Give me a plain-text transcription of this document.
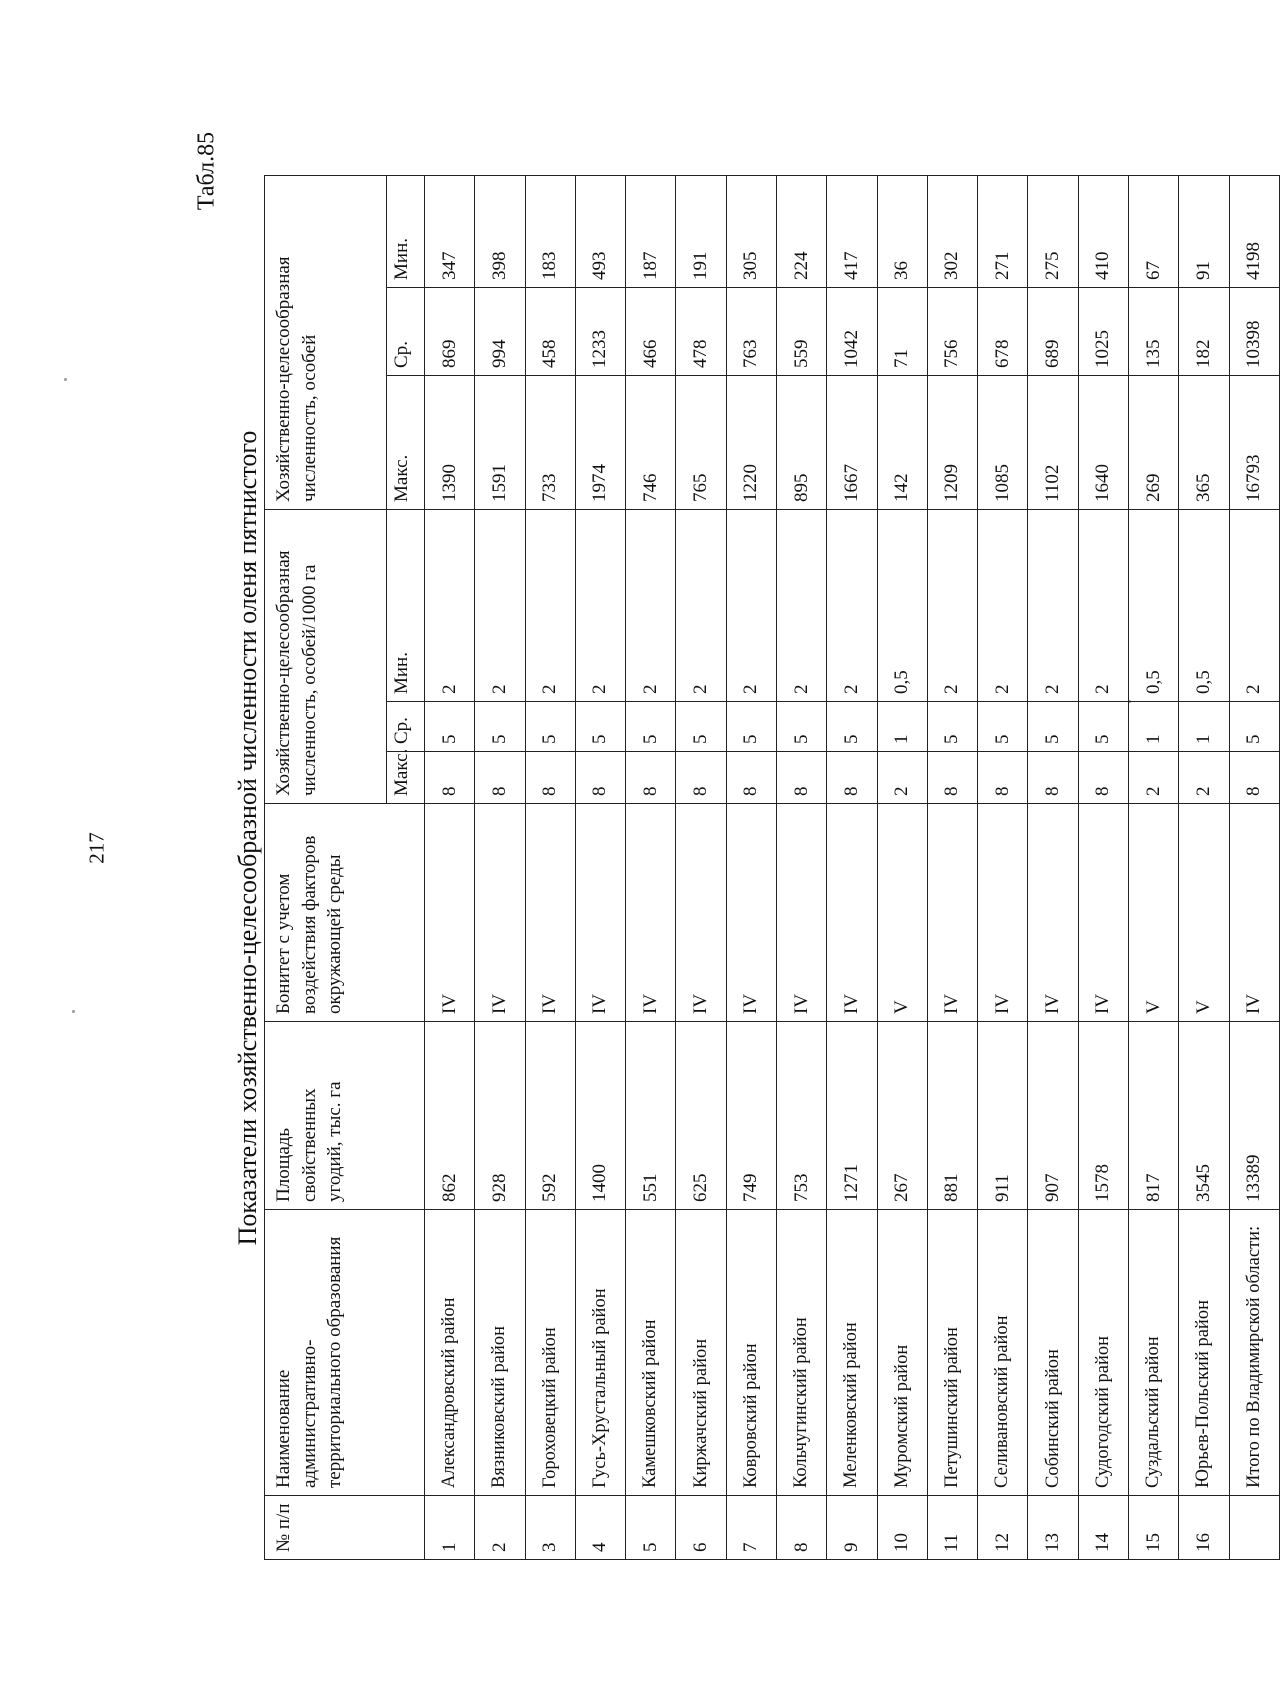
217
Табл.85
Показатели хозяйственно-целесообразной численности оленя пятнистого
№ п/п	Наименование административно-территориального образования	Площадь свойственных угодий, тыс. га	Бонитет с учетом воздействия факторов окружающей среды	Хозяйственно-целесообразная численность, особей/1000 га			Хозяйственно-целесообразная численность, особей		
				Макс.	Ср.	Мин.	Макс.	Ср.	Мин.
1	Александровский район	862	IV	8	5	2	1390	869	347
2	Вязниковский район	928	IV	8	5	2	1591	994	398
3	Гороховецкий район	592	IV	8	5	2	733	458	183
4	Гусь-Хрустальный район	1400	IV	8	5	2	1974	1233	493
5	Камешковский район	551	IV	8	5	2	746	466	187
6	Киржачский район	625	IV	8	5	2	765	478	191
7	Ковровский район	749	IV	8	5	2	1220	763	305
8	Кольчугинский район	753	IV	8	5	2	895	559	224
9	Меленковский район	1271	IV	8	5	2	1667	1042	417
10	Муромский район	267	V	2	1	0,5	142	71	36
11	Петушинский район	881	IV	8	5	2	1209	756	302
12	Селивановский район	911	IV	8	5	2	1085	678	271
13	Собинский район	907	IV	8	5	2	1102	689	275
14	Судогодский район	1578	IV	8	5	2	1640	1025	410
15	Суздальский район	817	V	2	1	0,5	269	135	67
16	Юрьев-Польский район	3545	V	2	1	0,5	365	182	91
	Итого по Владимирской области:	13389	IV	8	5	2	16793	10398	4198
